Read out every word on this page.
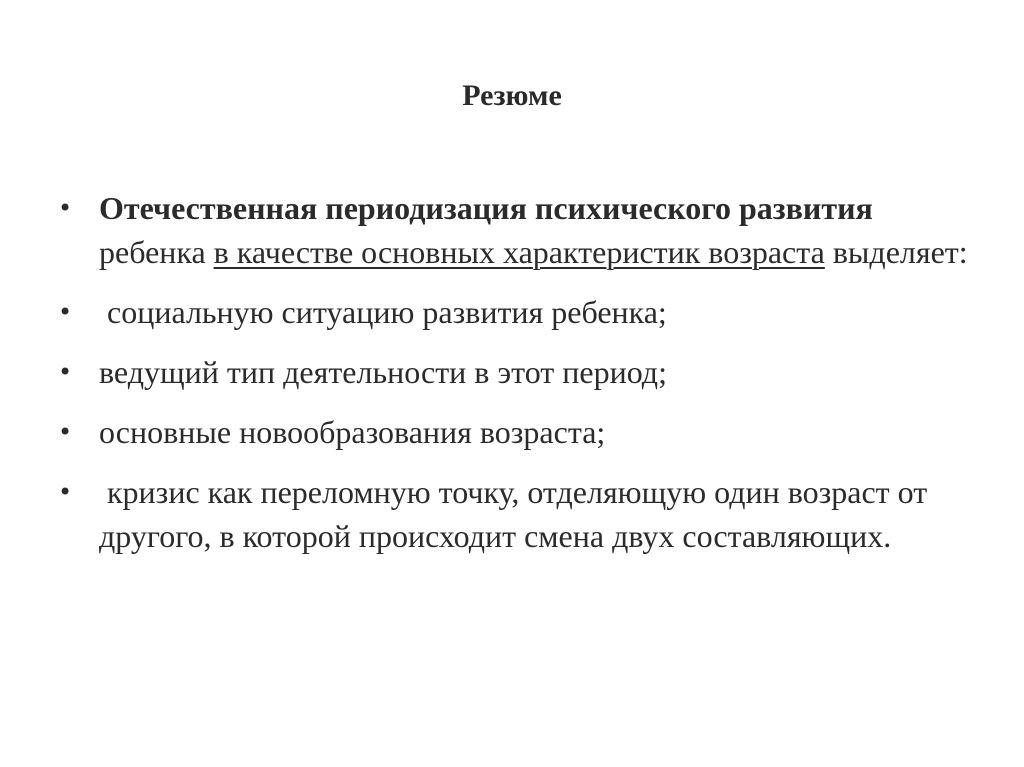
Резюме
• Отечественная периодизация психического развития ребенка в качестве основных характеристик возраста выделяет:
•	социальную ситуацию развития ребенка;
• ведущий тип деятельности в этот период;
• основные новообразования возраста;
•	кризис как переломную точку, отделяющую один возраст от другого, в которой происходит смена двух составляющих.
